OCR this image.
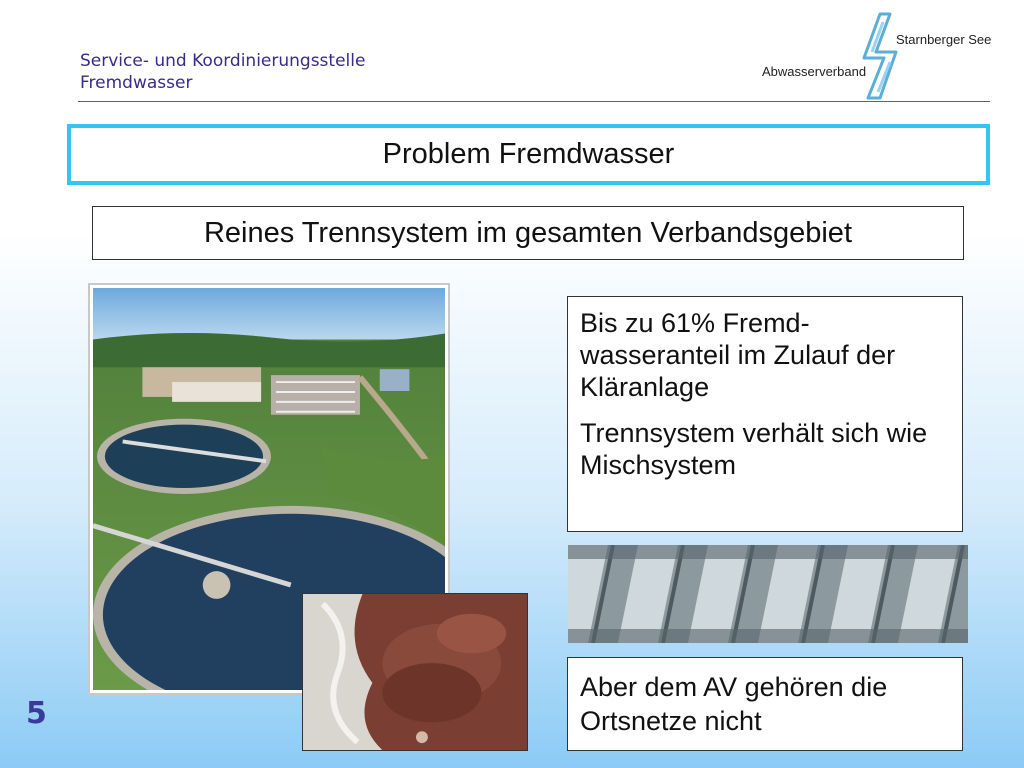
Service- und Koordinierungsstelle
Fremdwasser
Abwasserverband
Starnberger See
Problem Fremdwasser
Reines Trennsystem im gesamten Verbandsgebiet

Bis zu 61% Fremd-wasseranteil im Zulauf der Kläranlage

Trennsystem verhält sich wie Mischsystem

Aber dem AV gehören die Ortsnetze nicht

5
